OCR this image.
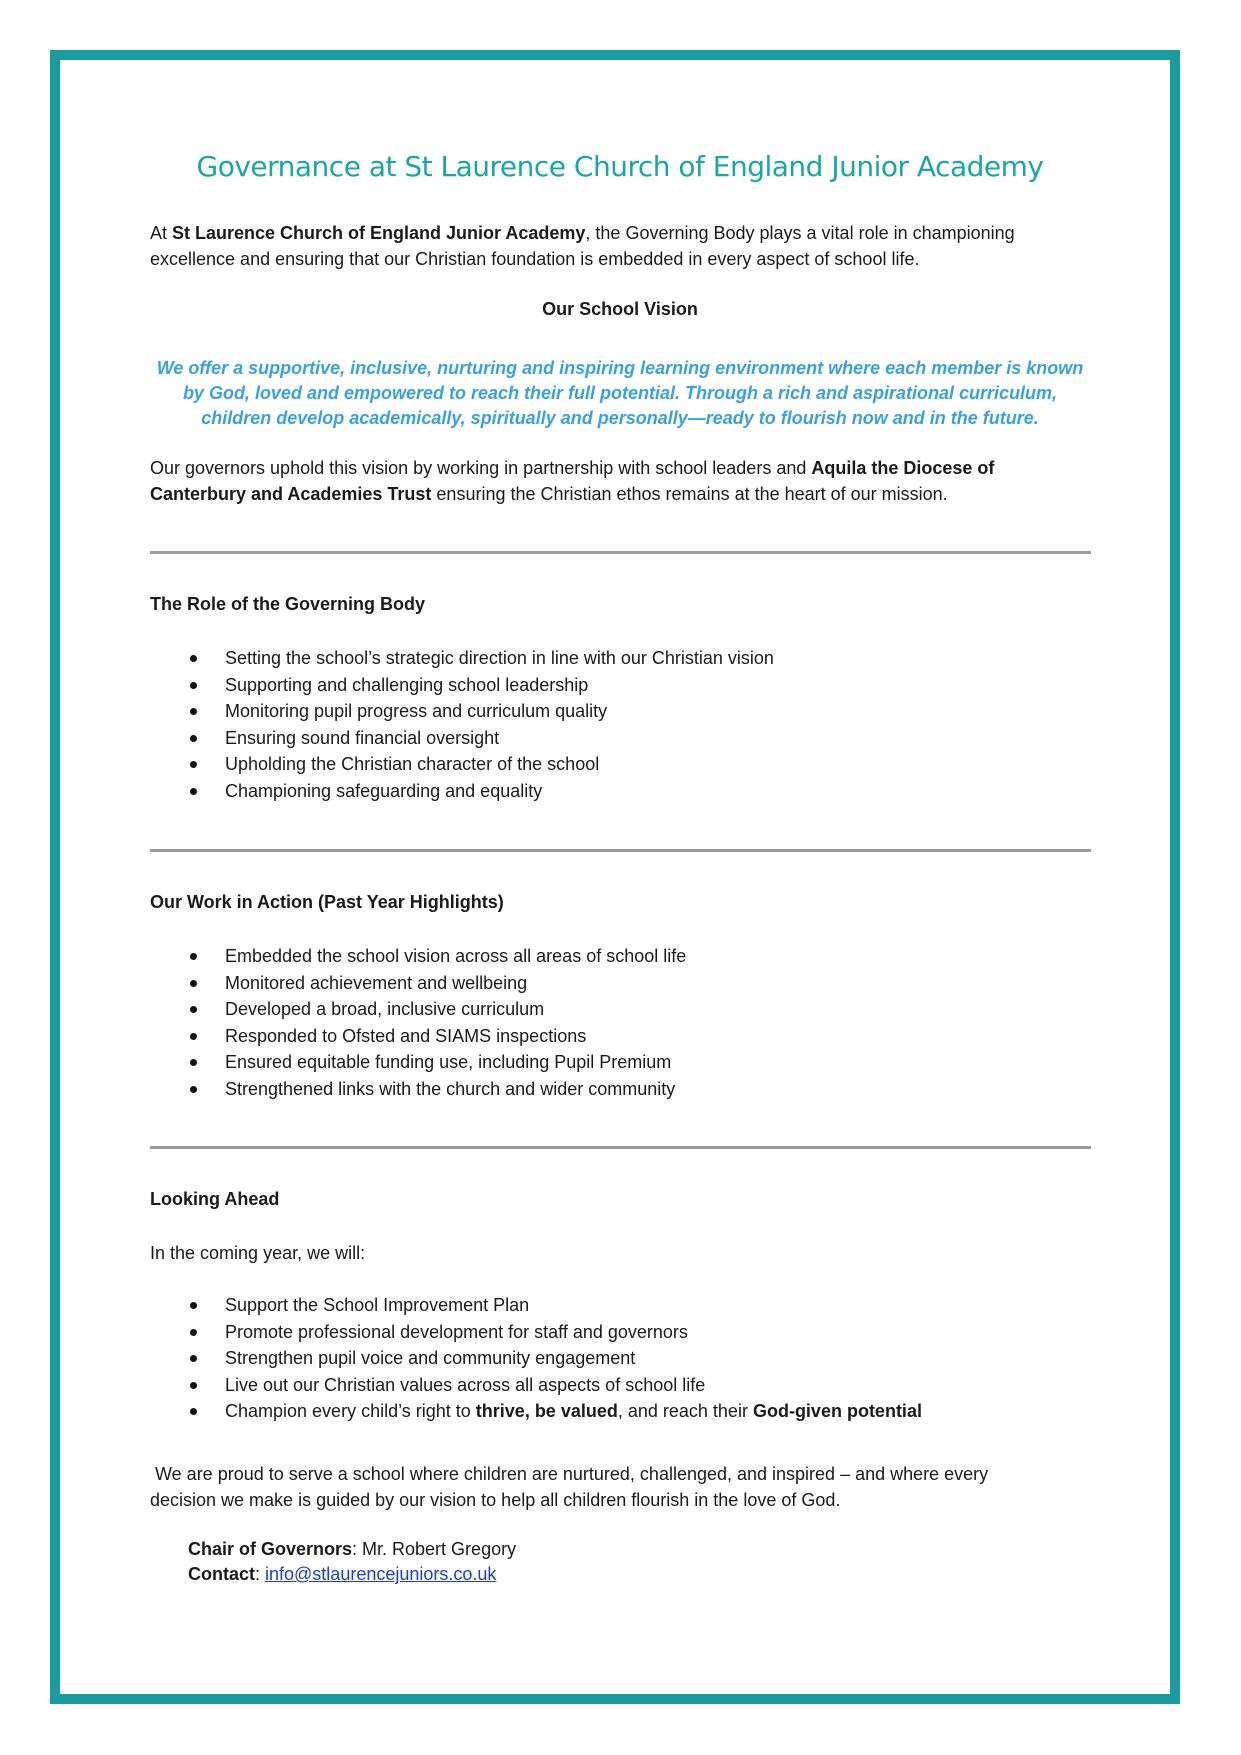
Governance at St Laurence Church of England Junior Academy
At St Laurence Church of England Junior Academy, the Governing Body plays a vital role in championing
excellence and ensuring that our Christian foundation is embedded in every aspect of school life.
Our School Vision
We offer a supportive, inclusive, nurturing and inspiring learning environment where each member is known
by God, loved and empowered to reach their full potential. Through a rich and aspirational curriculum,
children develop academically, spiritually and personally—ready to flourish now and in the future.
Our governors uphold this vision by working in partnership with school leaders and Aquila the Diocese of
Canterbury and Academies Trust ensuring the Christian ethos remains at the heart of our mission.
The Role of the Governing Body
Setting the school’s strategic direction in line with our Christian vision
Supporting and challenging school leadership
Monitoring pupil progress and curriculum quality
Ensuring sound financial oversight
Upholding the Christian character of the school
Championing safeguarding and equality
Our Work in Action (Past Year Highlights)
Embedded the school vision across all areas of school life
Monitored achievement and wellbeing
Developed a broad, inclusive curriculum
Responded to Ofsted and SIAMS inspections
Ensured equitable funding use, including Pupil Premium
Strengthened links with the church and wider community
Looking Ahead
In the coming year, we will:
Support the School Improvement Plan
Promote professional development for staff and governors
Strengthen pupil voice and community engagement
Live out our Christian values across all aspects of school life
Champion every child’s right to thrive, be valued, and reach their God-given potential
We are proud to serve a school where children are nurtured, challenged, and inspired – and where every
decision we make is guided by our vision to help all children flourish in the love of God.
Chair of Governors: Mr. Robert Gregory
Contact: info@stlaurencejuniors.co.uk
